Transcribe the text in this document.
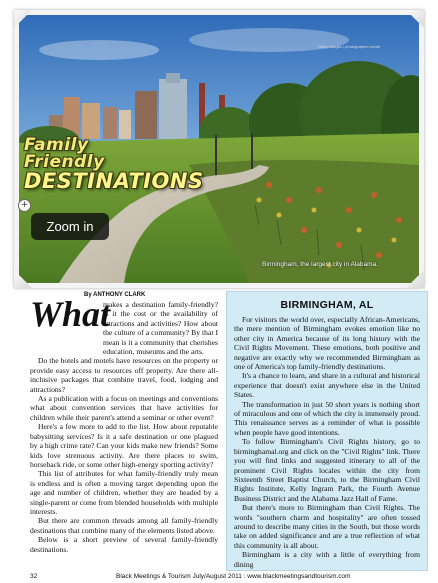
Family
Friendly
DESTINATIONS
+
Zoom in
Birmingham, the largest city in Alabama.
Getty Images / photographer credit
By ANTHONY CLARK
What

makes a destination family-friendly? Is it the cost or the availability of attractions and activities? How about the culture of a community? By that I mean is it a community that cherishes education, museums and the arts.

Do the hotels and motels have resources on the property or provide easy access to resources off property. Are there all-inclusive packages that combine travel, food, lodging and attractions?

As a publication with a focus on meetings and conventions what about convention services that have activities for children while their parent's attend a seminar or other event?

Here's a few more to add to the list. How about reputable babysitting services? Is it a safe destination or one plagued by a high crime rate? Can your kids make new friends? Some kids love strenuous activity. Are there places to swim, horseback ride, or some other high-energy sporting activity?

This list of attributes for what family-friendly truly mean is endless and is often a moving target depending upon the age and number of children, whether they are headed by a single-parent or come from blended households with multiple interests.

But there are common threads among all family-friendly destinations that combine many of the elements listed above.

Below is a short preview of several family-friendly destinations.

BIRMINGHAM, AL

For visitors the world over, especially African-Americans, the mere mention of Birmingham evokes emotion like no other city in America because of its long history with the Civil Rights Movement. These emotions, both positive and negative are exactly why we recommended Birmingham as one of America's top family-friendly destinations.

It's a chance to learn, and share in a cultural and historical experience that doesn't exist anywhere else in the United States.

The transformation in just 50 short years is nothing short of miraculous and one of which the city is immensely proud. This renaissance serves as a reminder of what is possible when people have good intentions.

To follow Birmingham's Civil Rights history, go to birminghamal.org and click on the "Civil Rights" link. There you will find links and suggested itinerary to all of the prominent Civil Rights locales within the city from Sixteenth Street Baptist Church, to the Birmingham Civil Rights Institute, Kelly Ingram Park, the Fourth Avenue Business District and the Alabama Jazz Hall of Fame.

But there's more to Birmingham than Civil Rights. The words "southern charm and hospitality" are often tossed around to describe many cities in the South, but those words take on added significance and are a true reflection of what this community is all about.

Birmingham is a city with a little of everything from dining

32	Black Meetings & Tourism July/August 2011 : www.blackmeetingsandtourism.com
